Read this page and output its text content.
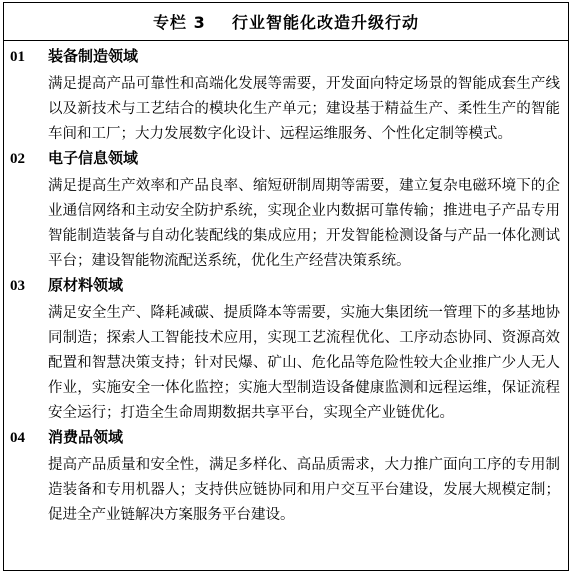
专栏 3    行业智能化改造升级行动
01	装备制造领域
满足提高产品可靠性和高端化发展等需要，开发面向特定场景的智能成套生产线以及新技术与工艺结合的模块化生产单元；建设基于精益生产、柔性生产的智能车间和工厂；大力发展数字化设计、远程运维服务、个性化定制等模式。
02	电子信息领域
满足提高生产效率和产品良率、缩短研制周期等需要，建立复杂电磁环境下的企业通信网络和主动安全防护系统，实现企业内数据可靠传输；推进电子产品专用智能制造装备与自动化装配线的集成应用；开发智能检测设备与产品一体化测试平台；建设智能物流配送系统，优化生产经营决策系统。
03	原材料领域
满足安全生产、降耗减碳、提质降本等需要，实施大集团统一管理下的多基地协同制造；探索人工智能技术应用，实现工艺流程优化、工序动态协同、资源高效配置和智慧决策支持；针对民爆、矿山、危化品等危险性较大企业推广少人无人作业，实施安全一体化监控；实施大型制造设备健康监测和远程运维，保证流程安全运行；打造全生命周期数据共享平台，实现全产业链优化。
04	消费品领域
提高产品质量和安全性，满足多样化、高品质需求，大力推广面向工序的专用制造装备和专用机器人；支持供应链协同和用户交互平台建设，发展大规模定制；促进全产业链解决方案服务平台建设。
